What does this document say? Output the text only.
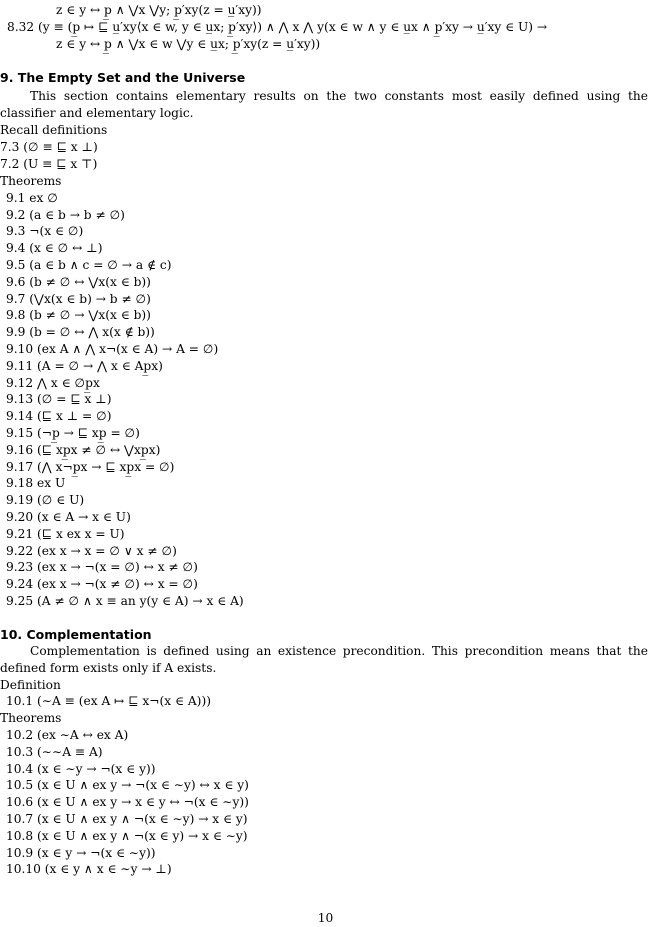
z ∈ y ↔ p̲ ∧ ⋁x ⋁y; p̲′xy(z = u̲′xy))
8.32 (y ≡ (p̲ ↦ ⊑ u̲′xy⟨x ∈ w, y ∈ u̲x; p̲′xy⟩) ∧ ⋀ x ⋀ y(x ∈ w ∧ y ∈ u̲x ∧ p̲′xy → u̲′xy ∈ U) →
z ∈ y ↔ p̲ ∧ ⋁x ∈ w ⋁y ∈ u̲x; p̲′xy(z = u̲′xy))
9. The Empty Set and the Universe
This section contains elementary results on the two constants most easily defined using the classifier and elementary logic.
Recall definitions
7.3 (∅ ≡ ⊑ x ⊥)
7.2 (U ≡ ⊑ x ⊤)
Theorems
9.1 ex ∅
9.2 (a ∈ b → b ≠ ∅)
9.3 ¬(x ∈ ∅)
9.4 (x ∈ ∅ ↔ ⊥)
9.5 (a ∈ b ∧ c = ∅ → a ∉ c)
9.6 (b ≠ ∅ ↔ ⋁x(x ∈ b))
9.7 (⋁x(x ∈ b) → b ≠ ∅)
9.8 (b ≠ ∅ → ⋁x(x ∈ b))
9.9 (b = ∅ ↔ ⋀ x(x ∉ b))
9.10 (ex A ∧ ⋀ x¬(x ∈ A) → A = ∅)
9.11 (A = ∅ → ⋀ x ∈ Ap̲x)
9.12 ⋀ x ∈ ∅p̲x
9.13 (∅ = ⊑ x ⊥)
9.14 (⊑ x ⊥ = ∅)
9.15 (¬p̲ → ⊑ xp̲ = ∅)
9.16 (⊑ xp̲x ≠ ∅ ↔ ⋁xp̲x)
9.17 (⋀ x¬p̲x → ⊑ xp̲x = ∅)
9.18 ex U
9.19 (∅ ∈ U)
9.20 (x ∈ A → x ∈ U)
9.21 (⊑ x ex x = U)
9.22 (ex x → x = ∅ ∨ x ≠ ∅)
9.23 (ex x → ¬(x = ∅) ↔ x ≠ ∅)
9.24 (ex x → ¬(x ≠ ∅) ↔ x = ∅)
9.25 (A ≠ ∅ ∧ x ≡ an y(y ∈ A) → x ∈ A)
10. Complementation
Complementation is defined using an existence precondition. This precondition means that the defined form exists only if A exists.
Definition
10.1 (∼A ≡ (ex A ↦ ⊑ x¬(x ∈ A)))
Theorems
10.2 (ex ∼A ↔ ex A)
10.3 (∼∼A ≡ A)
10.4 (x ∈ ∼y → ¬(x ∈ y))
10.5 (x ∈ U ∧ ex y → ¬(x ∈ ∼y) ↔ x ∈ y)
10.6 (x ∈ U ∧ ex y → x ∈ y ↔ ¬(x ∈ ∼y))
10.7 (x ∈ U ∧ ex y ∧ ¬(x ∈ ∼y) → x ∈ y)
10.8 (x ∈ U ∧ ex y ∧ ¬(x ∈ y) → x ∈ ∼y)
10.9 (x ∈ y → ¬(x ∈ ∼y))
10.10 (x ∈ y ∧ x ∈ ∼y → ⊥)
10
